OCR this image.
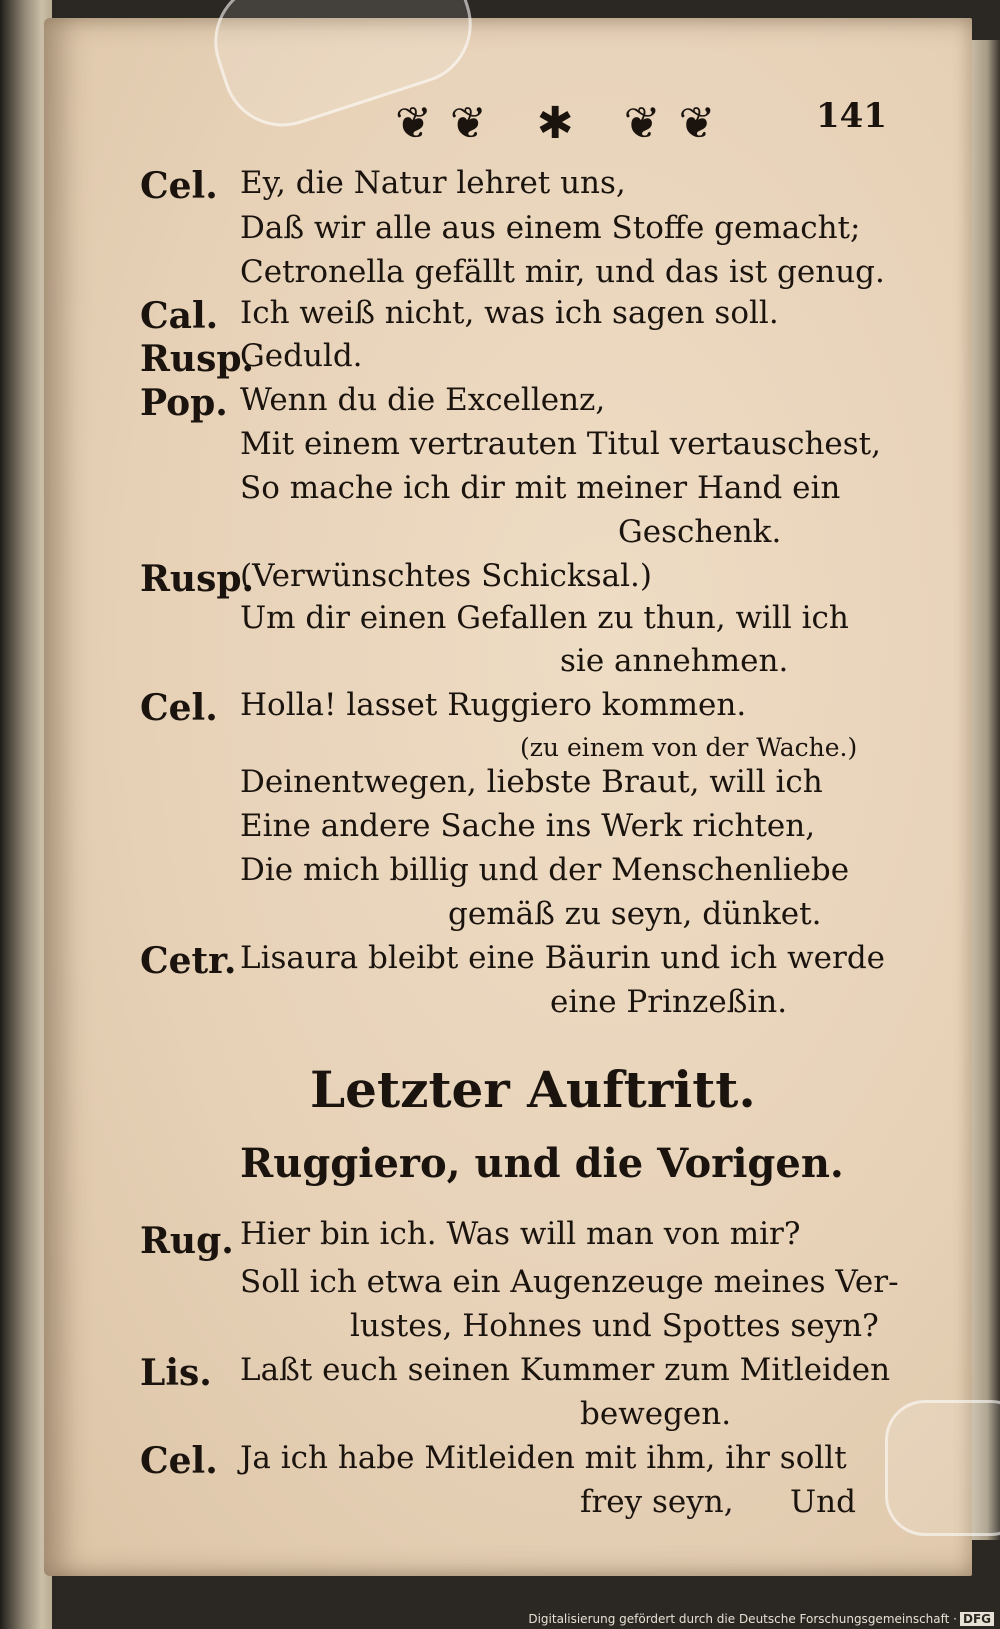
❦❦ ✱ ❦❦ 141
Cel. Ey, die Natur lehret uns,
Daß wir alle aus einem Stoffe gemacht;
Cetronella gefällt mir, und das ist genug.
Cal. Ich weiß nicht, was ich sagen soll.
Rusp.
Geduld.
Pop. Wenn du die Excellenz,
Mit einem vertrauten Titul vertauschest,
So mache ich dir mit meiner Hand ein
Geschenk.
Rusp.
(Verwünschtes Schicksal.)
Um dir einen Gefallen zu thun, will ich
sie annehmen.
Cel. Holla! lasset Ruggiero kommen.
(zu einem von der Wache.)
Deinentwegen, liebste Braut, will ich
Eine andere Sache ins Werk richten,
Die mich billig und der Menschenliebe
gemäß zu seyn, dünket.
Cetr. Lisaura bleibt eine Bäurin und ich werde
eine Prinzeßin.
Letzter Auftritt.
Ruggiero, und die Vorigen.
Rug. Hier bin ich. Was will man von mir?
Soll ich etwa ein Augenzeuge meines Ver-
lustes, Hohnes und Spottes seyn?
Lis. Laßt euch seinen Kummer zum Mitleiden
bewegen.
Cel. Ja ich habe Mitleiden mit ihm, ihr sollt
frey seyn, Und
Digitalisierung gefördert durch die Deutsche Forschungsgemeinschaft · DFG
